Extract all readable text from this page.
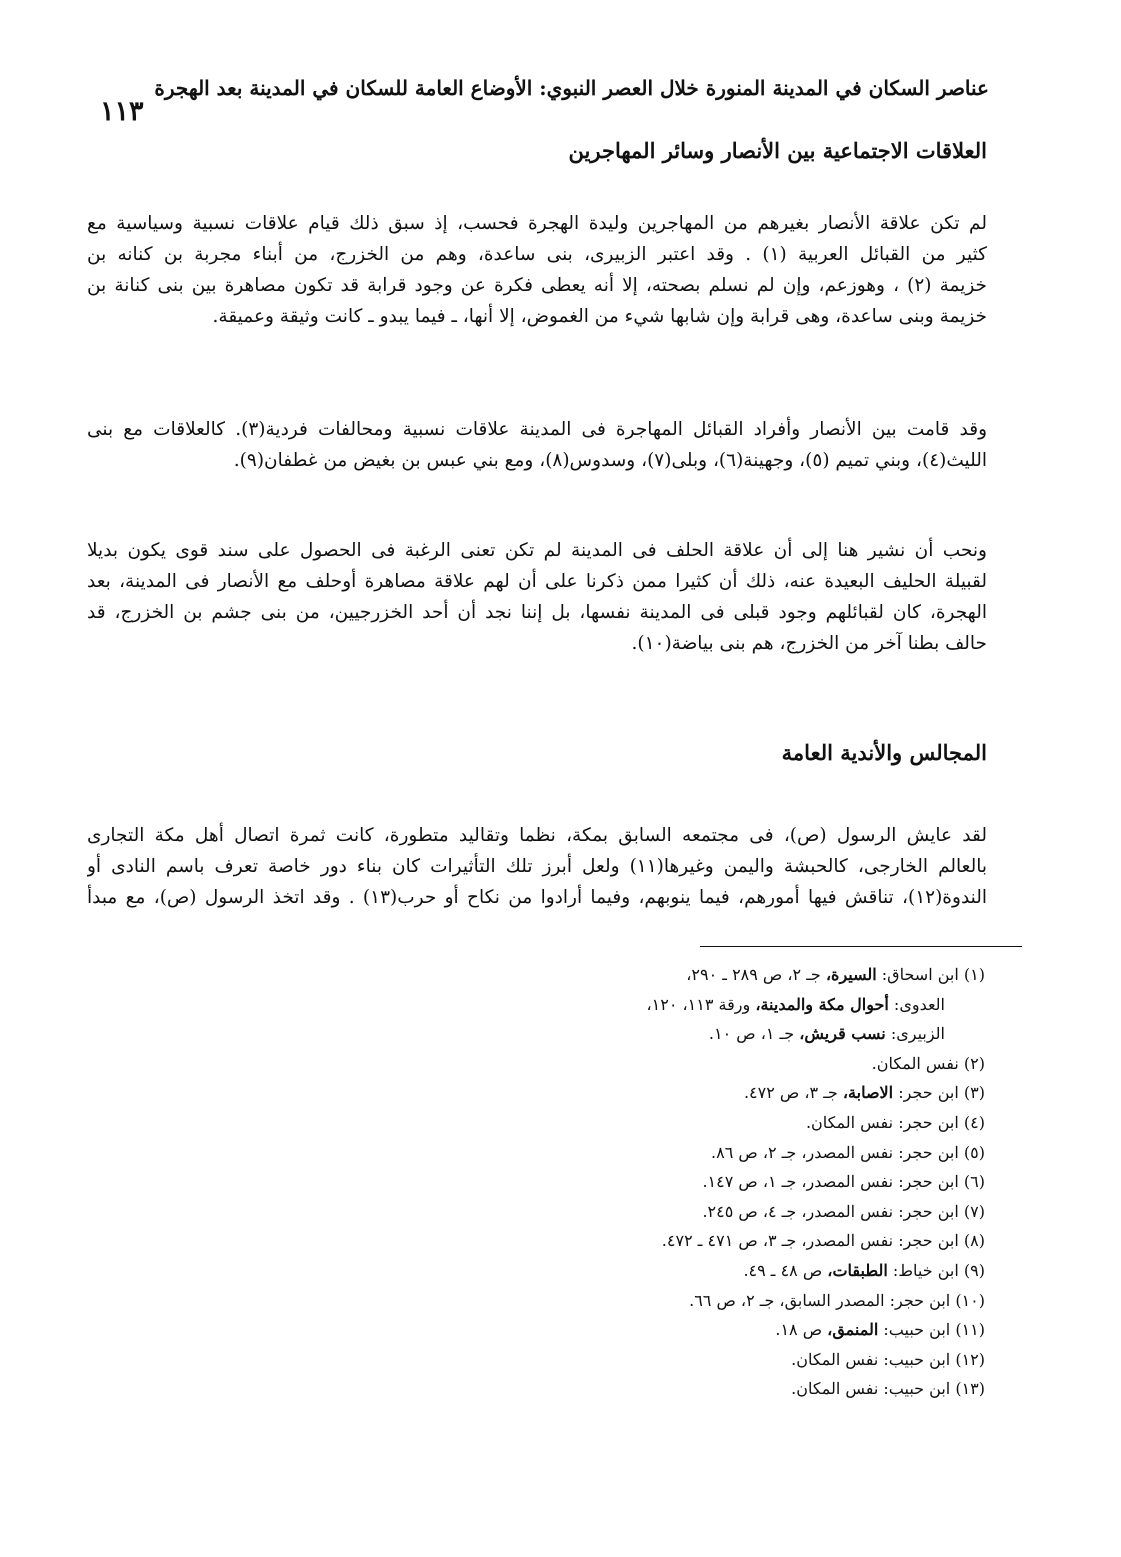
١١٣
عناصر السكان في المدينة المنورة خلال العصر النبوي: الأوضاع العامة للسكان في المدينة بعد الهجرة
العلاقات الاجتماعية بين الأنصار وسائر المهاجرين

لم تكن علاقة الأنصار بغيرهم من المهاجرين وليدة الهجرة فحسب، إذ سبق ذلك قيام علاقات نسبية وسياسية مع
كثير من القبائل العربية (١) . وقد اعتبر الزبيرى، بنى ساعدة، وهم من الخزرج، من أبناء مجربة بن كنانه بن
خزيمة (٢) ، وهوزعم، وإن لم نسلم بصحته، إلا أنه يعطى فكرة عن وجود قرابة قد تكون مصاهرة بين بنى كنانة بن
خزيمة وبنى ساعدة، وهى قرابة وإن شابها شيء من الغموض، إلا أنها، ـ فيما يبدو ـ كانت وثيقة وعميقة.

وقد قامت بين الأنصار وأفراد القبائل المهاجرة فى المدينة علاقات نسبية ومحالفات فردية(٣). كالعلاقات مع بنى
الليث(٤)، وبني تميم (٥)، وجهينة(٦)، وبلى(٧)، وسدوس(٨)، ومع بني عبس بن بغيض من غطفان(٩).

ونحب أن نشير هنا إلى أن علاقة الحلف فى المدينة لم تكن تعنى الرغبة فى الحصول على سند قوى يكون بديلا
لقبيلة الحليف البعيدة عنه، ذلك أن كثيرا ممن ذكرنا على أن لهم علاقة مصاهرة أوحلف مع الأنصار فى المدينة، بعد
الهجرة، كان لقبائلهم وجود قبلى فى المدينة نفسها، بل إننا نجد أن أحد الخزرجيين، من بنى جشم بن الخزرج، قد
حالف بطنا آخر من الخزرج، هم بنى بياضة(١٠).

المجالس والأندية العامة

لقد عايش الرسول (ص)، فى مجتمعه السابق بمكة، نظما وتقاليد متطورة، كانت ثمرة اتصال أهل مكة التجارى
بالعالم الخارجى، كالحبشة واليمن وغيرها(١١) ولعل أبرز تلك التأثيرات كان بناء دور خاصة تعرف باسم النادى أو
الندوة(١٢)، تناقش فيها أمورهم، فيما ينوبهم، وفيما أرادوا من نكاح أو حرب(١٣) . وقد اتخذ الرسول (ص)، مع مبدأ

(١) ابن اسحاق: السيرة، جـ ٢، ص ٢٨٩ ـ ٢٩٠،
العدوى: أحوال مكة والمدينة، ورقة ١١٣، ١٢٠،
الزبيرى: نسب قريش، جـ ١، ص ١٠.
(٢) نفس المكان.
(٣) ابن حجر: الاصابة، جـ ٣، ص ٤٧٢.
(٤) ابن حجر: نفس المكان.
(٥) ابن حجر: نفس المصدر، جـ ٢، ص ٨٦.
(٦) ابن حجر: نفس المصدر، جـ ١، ص ١٤٧.
(٧) ابن حجر: نفس المصدر، جـ ٤، ص ٢٤٥.
(٨) ابن حجر: نفس المصدر، جـ ٣، ص ٤٧١ ـ ٤٧٢.
(٩) ابن خياط: الطبقات، ص ٤٨ ـ ٤٩.
(١٠) ابن حجر: المصدر السابق، جـ ٢، ص ٦٦.
(١١) ابن حبيب: المنمق، ص ١٨.
(١٢) ابن حبيب: نفس المكان.
(١٣) ابن حبيب: نفس المكان.
